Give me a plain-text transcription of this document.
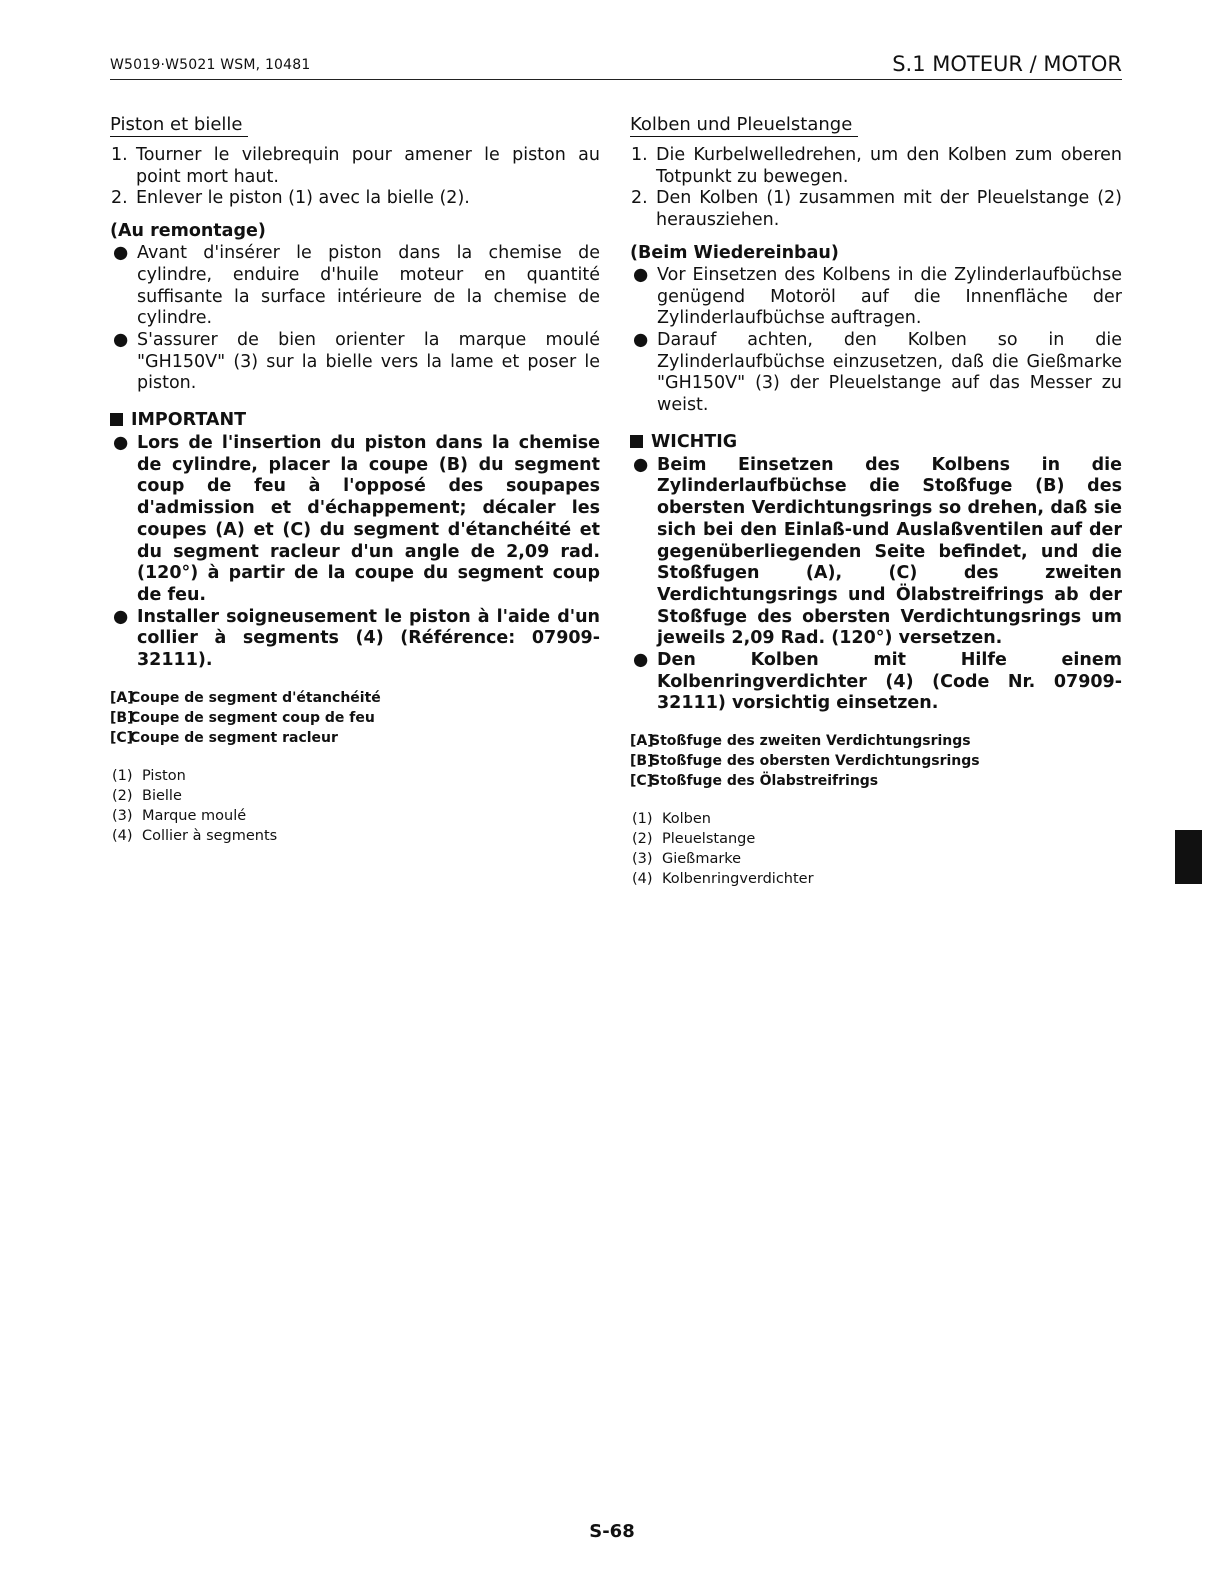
W5019·W5021 WSM, 10481	S.1 MOTEUR / MOTOR
Piston et bielle
1. Tourner le vilebrequin pour amener le piston au point mort haut.
2. Enlever le piston (1) avec la bielle (2).
(Au remontage)
● Avant d'insérer le piston dans la chemise de cylindre, enduire d'huile moteur en quantité suffisante la surface intérieure de la chemise de cylindre.
● S'assurer de bien orienter la marque moulé "GH150V" (3) sur la bielle vers la lame et poser le piston.
IMPORTANT
● Lors de l'insertion du piston dans la chemise de cylindre, placer la coupe (B) du segment coup de feu à l'opposé des soupapes d'admission et d'échappement; décaler les coupes (A) et (C) du segment d'étanchéité et du segment racleur d'un angle de 2,09 rad. (120°) à partir de la coupe du segment coup de feu.
● Installer soigneusement le piston à l'aide d'un collier à segments (4) (Référence: 07909-32111).
[A]
Coupe de segment d'étanchéité
[B]
Coupe de segment coup de feu
[C]
Coupe de segment racleur
(1) Piston
(2) Bielle
(3) Marque moulé
(4) Collier à segments
Kolben und Pleuelstange
1. Die Kurbelwelledrehen, um den Kolben zum oberen Totpunkt zu bewegen.
2. Den Kolben (1) zusammen mit der Pleuelstange (2) herausziehen.
(Beim Wiedereinbau)
● Vor Einsetzen des Kolbens in die Zylinderlaufbüchse genügend Motoröl auf die Innenfläche der Zylinderlaufbüchse auftragen.
● Darauf achten, den Kolben so in die Zylinderlaufbüchse einzusetzen, daß die Gießmarke "GH150V" (3) der Pleuelstange auf das Messer zu weist.
WICHTIG
● Beim Einsetzen des Kolbens in die Zylinderlaufbüchse die Stoßfuge (B) des obersten Verdichtungsrings so drehen, daß sie sich bei den Einlaß-und Auslaßventilen auf der gegenüberliegenden Seite befindet, und die Stoßfugen (A), (C) des zweiten Verdichtungsrings und Ölabstreifrings ab der Stoßfuge des obersten Verdichtungsrings um jeweils 2,09 Rad. (120°) versetzen.
● Den Kolben mit Hilfe einem Kolbenringverdichter (4) (Code Nr. 07909-32111) vorsichtig einsetzen.
[A]
Stoßfuge des zweiten Verdichtungsrings
[B]
Stoßfuge des obersten Verdichtungsrings
[C]
Stoßfuge des Ölabstreifrings
(1) Kolben
(2) Pleuelstange
(3) Gießmarke
(4) Kolbenringverdichter
S-68
